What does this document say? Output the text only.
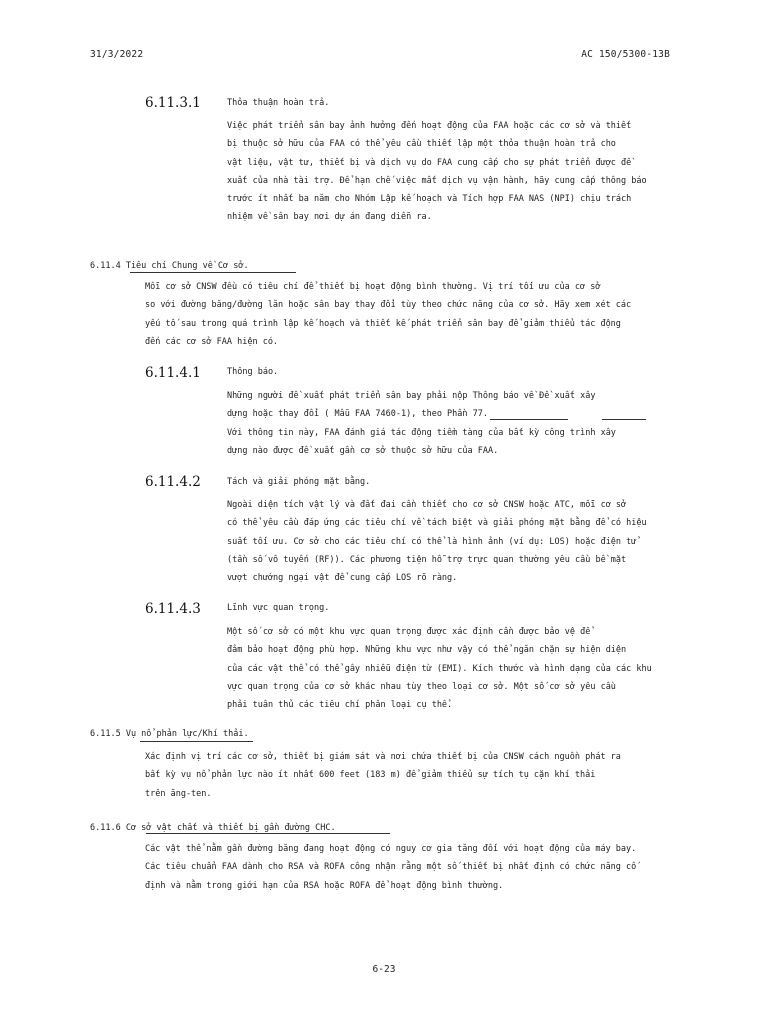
31/3/2022	AC 150/5300-13B
6.11.3.1	Thỏa thuận hoàn trả.
Việc phát triển sân bay ảnh hưởng đến hoạt động của FAA hoặc các cơ sở và thiết
bị thuộc sở hữu của FAA có thể yêu cầu thiết lập một thỏa thuận hoàn trả cho
vật liệu, vật tư, thiết bị và dịch vụ do FAA cung cấp cho sự phát triển được đề
xuất của nhà tài trợ. Để hạn chế việc mất dịch vụ vận hành, hãy cung cấp thông báo
trước ít nhất ba năm cho Nhóm Lập kế hoạch và Tích hợp FAA NAS (NPI) chịu trách
nhiệm về sân bay nơi dự án đang diễn ra.
6.11.4 Tiêu chí Chung về Cơ sở.
Mỗi cơ sở CNSW đều có tiêu chí để thiết bị hoạt động bình thường. Vị trí tối ưu của cơ sở
so với đường băng/đường lăn hoặc sân bay thay đổi tùy theo chức năng của cơ sở. Hãy xem xét các
yếu tố sau trong quá trình lập kế hoạch và thiết kế phát triển sân bay để giảm thiểu tác động
đến các cơ sở FAA hiện có.
6.11.4.1	Thông báo.
Những người đề xuất phát triển sân bay phải nộp Thông báo về Đề xuất xây
dựng hoặc thay đổi ( Mẫu FAA 7460-1), theo Phần 77.
Với thông tin này, FAA đánh giá tác động tiềm tàng của bất kỳ công trình xây
dựng nào được đề xuất gần cơ sở thuộc sở hữu của FAA.
6.11.4.2	Tách và giải phóng mặt bằng.
Ngoài diện tích vật lý và đất đai cần thiết cho cơ sở CNSW hoặc ATC, mỗi cơ sở
có thể yêu cầu đáp ứng các tiêu chí về tách biệt và giải phóng mặt bằng để có hiệu
suất tối ưu. Cơ sở cho các tiêu chí có thể là hình ảnh (ví dụ: LOS) hoặc điện tử
(tần số vô tuyến (RF)). Các phương tiện hỗ trợ trực quan thường yêu cầu bề mặt
vượt chướng ngại vật để cung cấp LOS rõ ràng.
6.11.4.3	Lĩnh vực quan trọng.
Một số cơ sở có một khu vực quan trọng được xác định cần được bảo vệ để
đảm bảo hoạt động phù hợp. Những khu vực như vậy có thể ngăn chặn sự hiện diện
của các vật thể có thể gây nhiễu điện từ (EMI). Kích thước và hình dạng của các khu
vực quan trọng của cơ sở khác nhau tùy theo loại cơ sở. Một số cơ sở yêu cầu
phải tuân thủ các tiêu chí phân loại cụ thể.
6.11.5 Vụ nổ phản lực/Khí thải.
Xác định vị trí các cơ sở, thiết bị giám sát và nơi chứa thiết bị của CNSW cách nguồn phát ra
bất kỳ vụ nổ phản lực nào ít nhất 600 feet (183 m) để giảm thiểu sự tích tụ cặn khí thải
trên ăng-ten.
6.11.6 Cơ sở vật chất và thiết bị gần đường CHC.
Các vật thể nằm gần đường băng đang hoạt động có nguy cơ gia tăng đối với hoạt động của máy bay.
Các tiêu chuẩn FAA dành cho RSA và ROFA công nhận rằng một số thiết bị nhất định có chức năng cố
định và nằm trong giới hạn của RSA hoặc ROFA để hoạt động bình thường.
6-23
